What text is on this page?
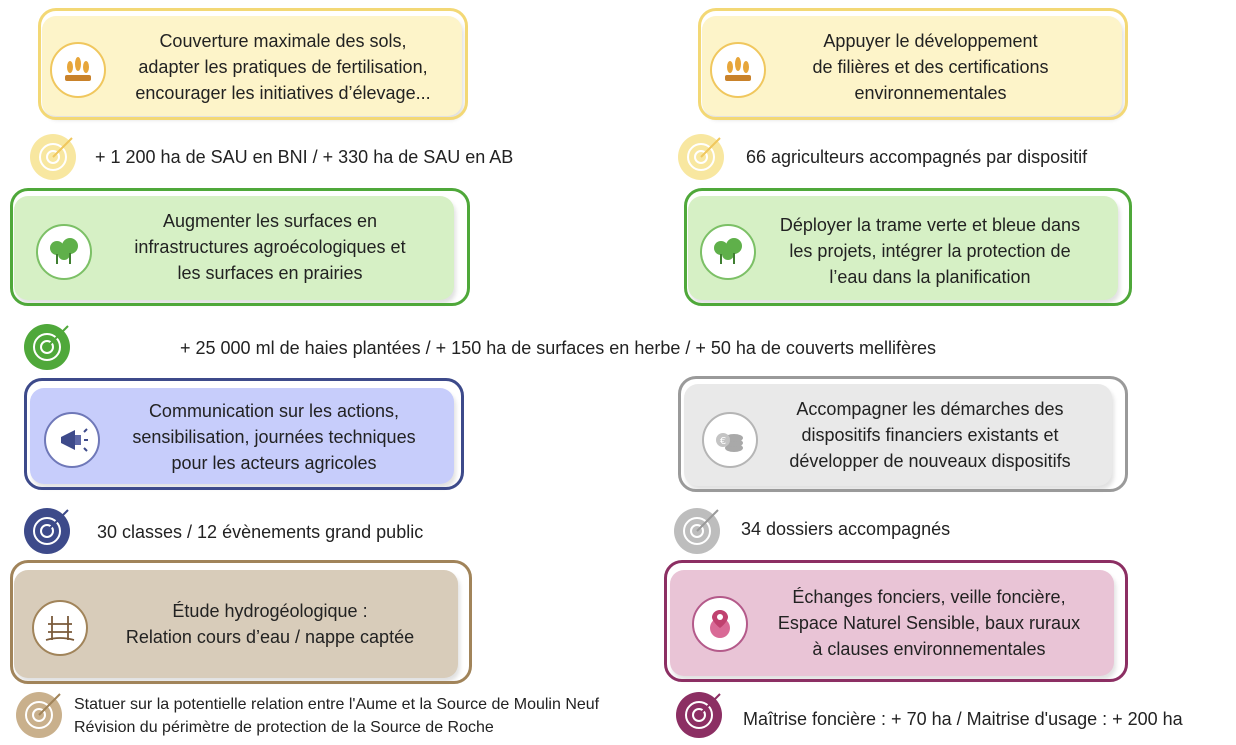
Couverture maximale des sols,
adapter les pratiques de fertilisation,
encourager les initiatives d’élevage...
Appuyer le développement
de filières et des certifications
environnementales
+ 1 200 ha de SAU en BNI / + 330 ha de SAU en AB	66 agriculteurs accompagnés par dispositif
Augmenter les surfaces en
infrastructures agroécologiques et
les surfaces en prairies
Déployer la trame verte et bleue dans
les projets, intégrer la protection de
l’eau dans la planification
+ 25 000 ml de haies plantées / + 150 ha de surfaces en herbe / + 50 ha de couverts mellifères
Communication sur les actions,
sensibilisation, journées techniques
pour les acteurs agricoles
€
Accompagner les démarches des
dispositifs financiers existants et
développer de nouveaux dispositifs
30 classes / 12 évènements grand public	34 dossiers accompagnés
Étude hydrogéologique :
Relation cours d’eau / nappe captée
Échanges fonciers, veille foncière,
Espace Naturel Sensible, baux ruraux
à clauses environnementales
Statuer sur la potentielle relation entre l'Aume et la Source de Moulin Neuf
Révision du périmètre de protection de la Source de Roche	Maîtrise foncière : + 70 ha / Maitrise d'usage : + 200 ha
